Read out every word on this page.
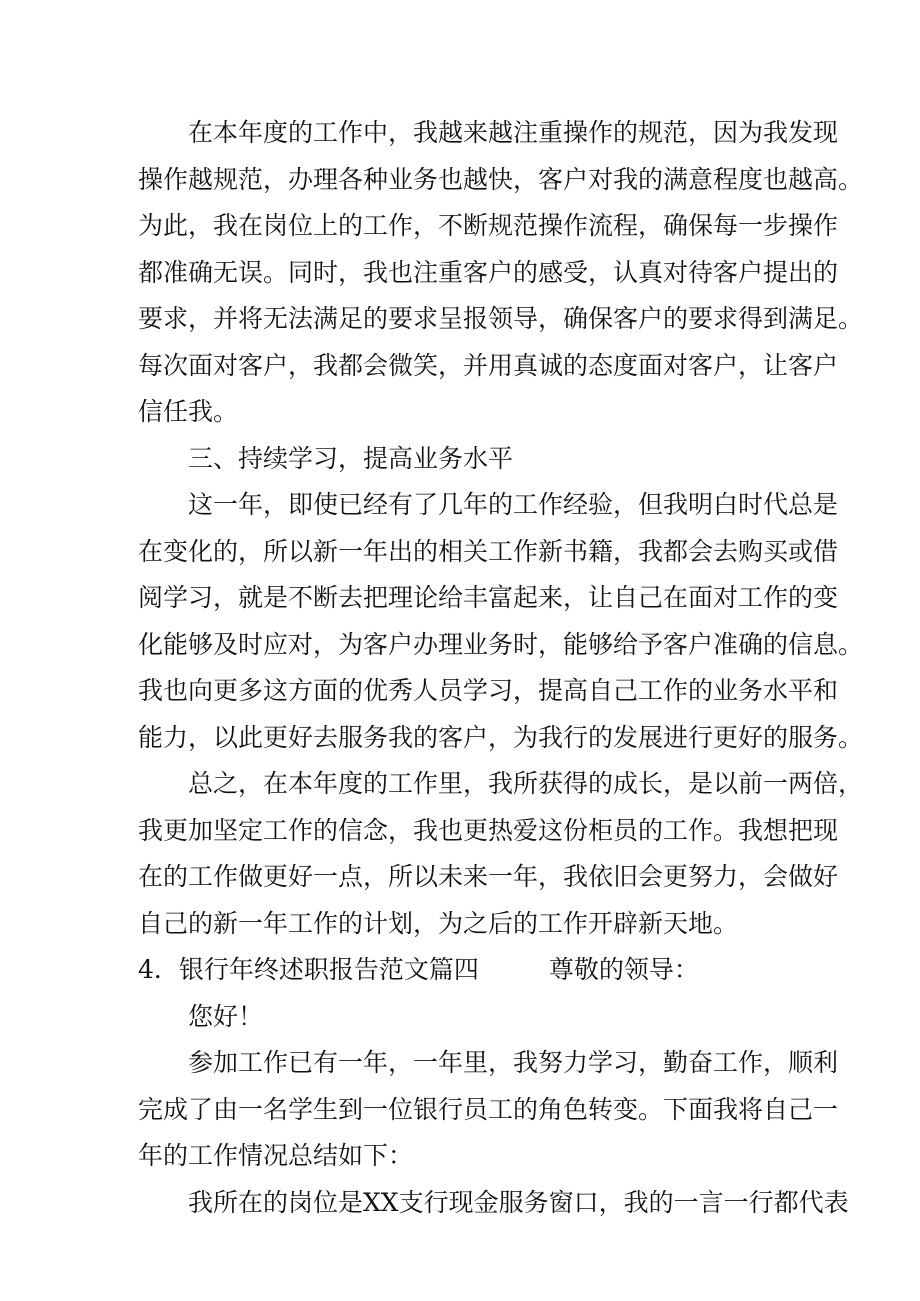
在本年度的工作中，我越来越注重操作的规范，因为我发现
操作越规范，办理各种业务也越快，客户对我的满意程度也越高。
为此，我在岗位上的工作，不断规范操作流程，确保每一步操作
都准确无误。同时，我也注重客户的感受，认真对待客户提出的
要求，并将无法满足的要求呈报领导，确保客户的要求得到满足。
每次面对客户，我都会微笑，并用真诚的态度面对客户，让客户
信任我。
三、持续学习，提高业务水平
这一年，即使已经有了几年的工作经验，但我明白时代总是
在变化的，所以新一年出的相关工作新书籍，我都会去购买或借
阅学习，就是不断去把理论给丰富起来，让自己在面对工作的变
化能够及时应对，为客户办理业务时，能够给予客户准确的信息。
我也向更多这方面的优秀人员学习，提高自己工作的业务水平和
能力，以此更好去服务我的客户，为我行的发展进行更好的服务。
总之，在本年度的工作里，我所获得的成长，是以前一两倍，
我更加坚定工作的信念，我也更热爱这份柜员的工作。我想把现
在的工作做更好一点，所以未来一年，我依旧会更努力，会做好
自己的新一年工作的计划，为之后的工作开辟新天地。
4．银行年终述职报告范文篇四	尊敬的领导：
您好！
参加工作已有一年，一年里，我努力学习，勤奋工作，顺利
完成了由一名学生到一位银行员工的角色转变。下面我将自己一
年的工作情况总结如下：
我所在的岗位是XX支行现金服务窗口，我的一言一行都代表
